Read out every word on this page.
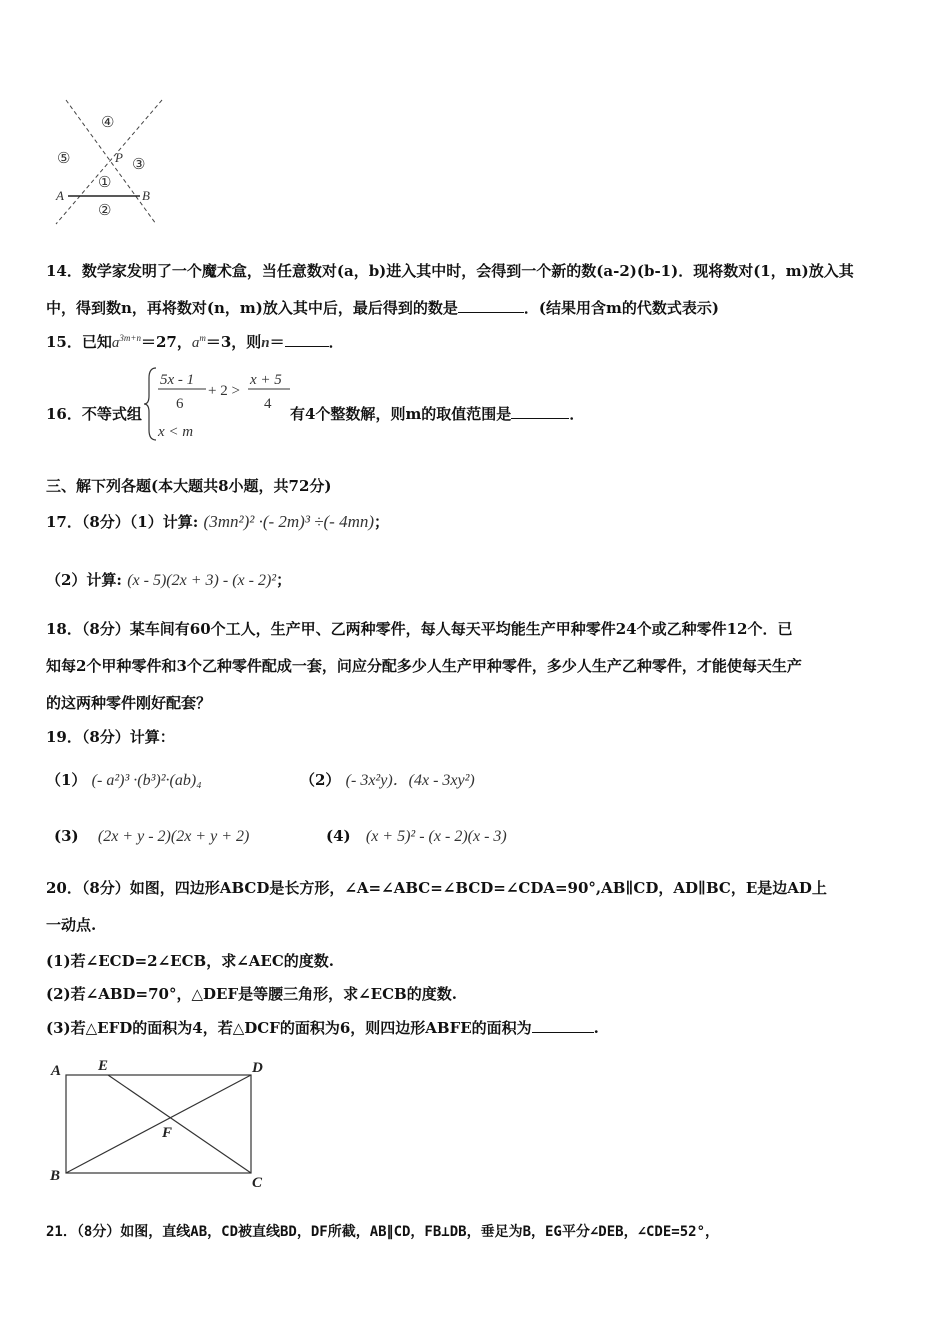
④
⑤	P ③
①
A	B
②
14．数学家发明了一个魔术盒，当任意数对(a，b)进入其中时，会得到一个新的数(a-2)(b-1)．现将数对(1，m)放入其
中，得到数n，再将数对(n，m)放入其中后，最后得到的数是	．(结果用含m的代数式表示)
15．已知$a^{3m+n}=27$，$a^m=3$，则n＝	．
16．不等式组
5x - 1
6
+ 2 >
x + 5
4
x < m
有4个整数解，则m的取值范围是	．
三、解下列各题(本大题共8小题，共72分)
17．（8分）（1）计算: (3mn²)² ·(- 2m)³ ÷(- 4mn)；
（2）计算: (x - 5)(2x + 3) - (x - 2)²；
18．（8分）某车间有60个工人，生产甲、乙两种零件，每人每天平均能生产甲种零件24个或乙种零件12个．已
知每2个甲种零件和3个乙种零件配成一套，问应分配多少人生产甲种零件，多少人生产乙种零件，才能使每天生产
的这两种零件刚好配套？
19．（8分）计算：
（1） (- a²)³ ·(b³)²·(ab)₄	（2） (- 3x²y)．(4x - 3xy²)
(3) (2x + y - 2)(2x + y + 2)	(4) (x + 5)² - (x - 2)(x - 3)
20．（8分）如图，四边形ABCD是长方形，∠A=∠ABC=∠BCD=∠CDA=90°,AB∥CD，AD∥BC，E是边AD上
一动点.
(1)若∠ECD=2∠ECB，求∠AEC的度数.
(2)若∠ABD=70°，△DEF是等腰三角形，求∠ECB的度数.
(3)若△EFD的面积为4，若△DCF的面积为6，则四边形ABFE的面积为	.
A E	D
F
B	C
21．（8分）如图，直线AB，CD被直线BD，DF所截，AB∥CD，FB⊥DB，垂足为B，EG平分∠DEB，∠CDE=52°，
